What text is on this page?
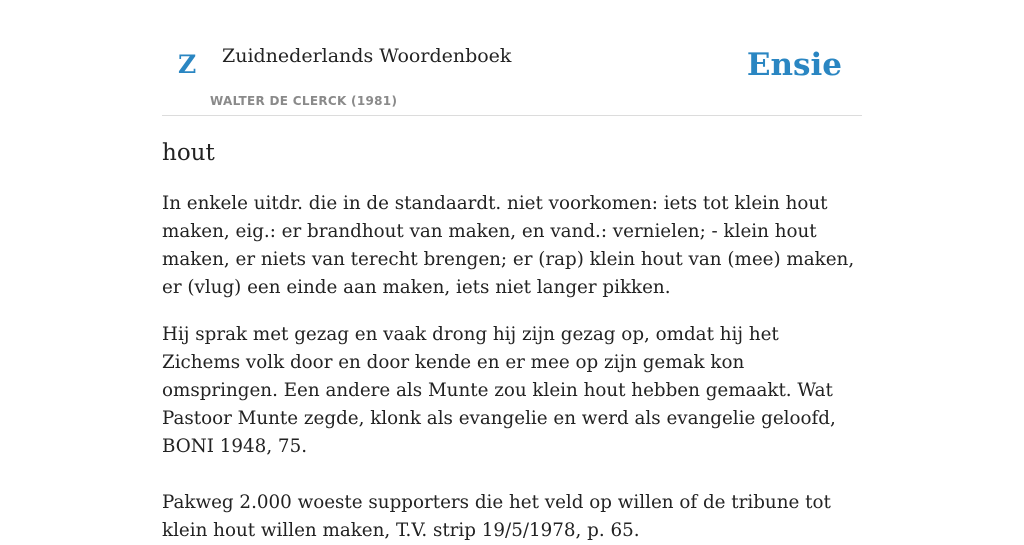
Z Zuidnederlands Woordenboek
WALTER DE CLERCK (1981)
Ensie
hout

In enkele uitdr. die in de standaardt. niet voorkomen: iets tot klein hout maken, eig.: er brandhout van maken, en vand.: vernielen; - klein hout maken, er niets van terecht brengen; er (rap) klein hout van (mee) maken, er (vlug) een einde aan maken, iets niet langer pikken.

Hij sprak met gezag en vaak drong hij zijn gezag op, omdat hij het Zichems volk door en door kende en er mee op zijn gemak kon omspringen. Een andere als Munte zou klein hout hebben gemaakt. Wat Pastoor Munte zegde, klonk als evangelie en werd als evangelie geloofd, BONI 1948, 75.

Pakweg 2.000 woeste supporters die het veld op willen of de tribune tot klein hout willen maken, T.V. strip 19/5/1978, p. 65.
